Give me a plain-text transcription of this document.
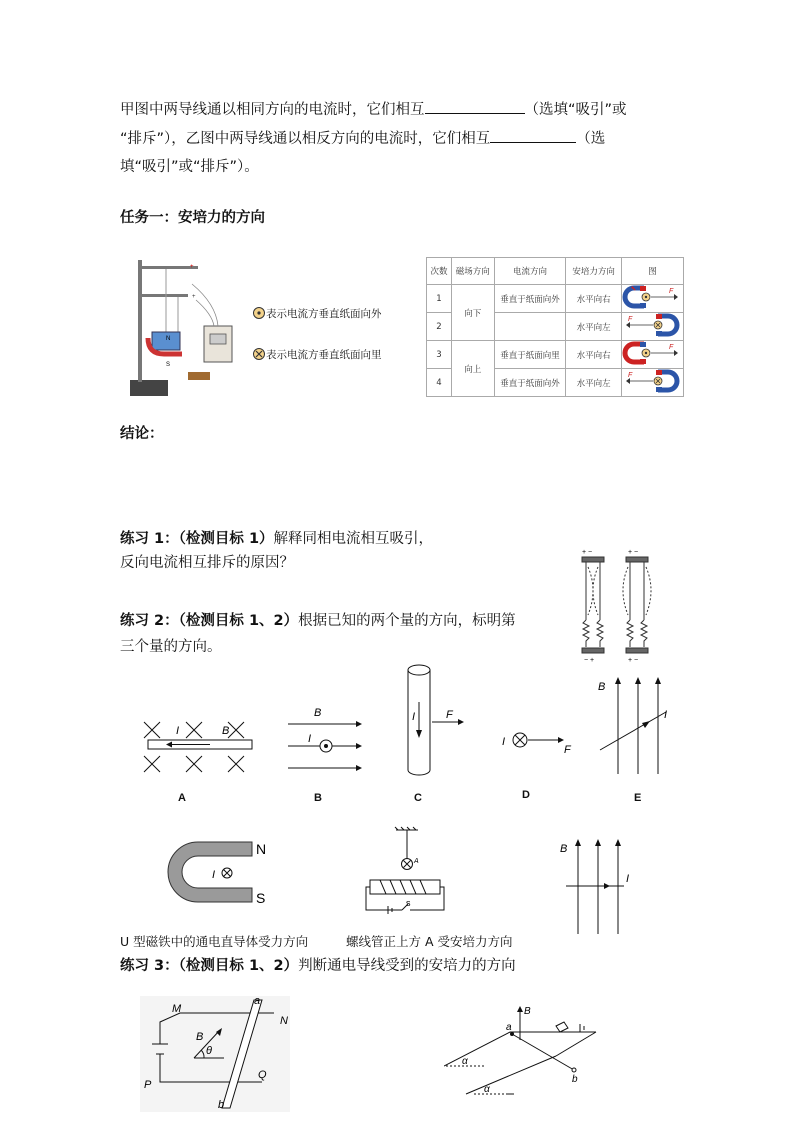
甲图中两导线通以相同方向的电流时，它们相互	（选填“吸引”或
“排斥”），乙图中两导线通以相反方向的电流时，它们相互	（选
填“吸引”或“排斥”）。
任务一：安培力的方向
N
S
+
+
表示电流方垂直纸面向外
表示电流方垂直纸面向里
次数	磁场方向	电流方向	安培力方向	图
1	向下	垂直于纸面向外	水平向右	F

2			水平向左	F

3	向上	垂直于纸面向里	水平向右	F

4		垂直于纸面向外	水平向左	F
结论：
练习 1：（检测目标 1）解释同相电流相互吸引，
反向电流相互排斥的原因？
+ −	+ −
− +	+ −
练习 2：（检测目标 1、2）根据已知的两个量的方向，标明第
三个量的方向。
I	B
B
I
I	F
I
F
B
I
A	B	C	D	E
I
N
S
A
s
B
I
U 型磁铁中的通电直导体受力方向	螺线管正上方 A 受安培力方向
练习 3：（检测目标 1、2）判断通电导线受到的安培力的方向
M
N
P
Q
a
b
B
θ
B
a
b
α
α
